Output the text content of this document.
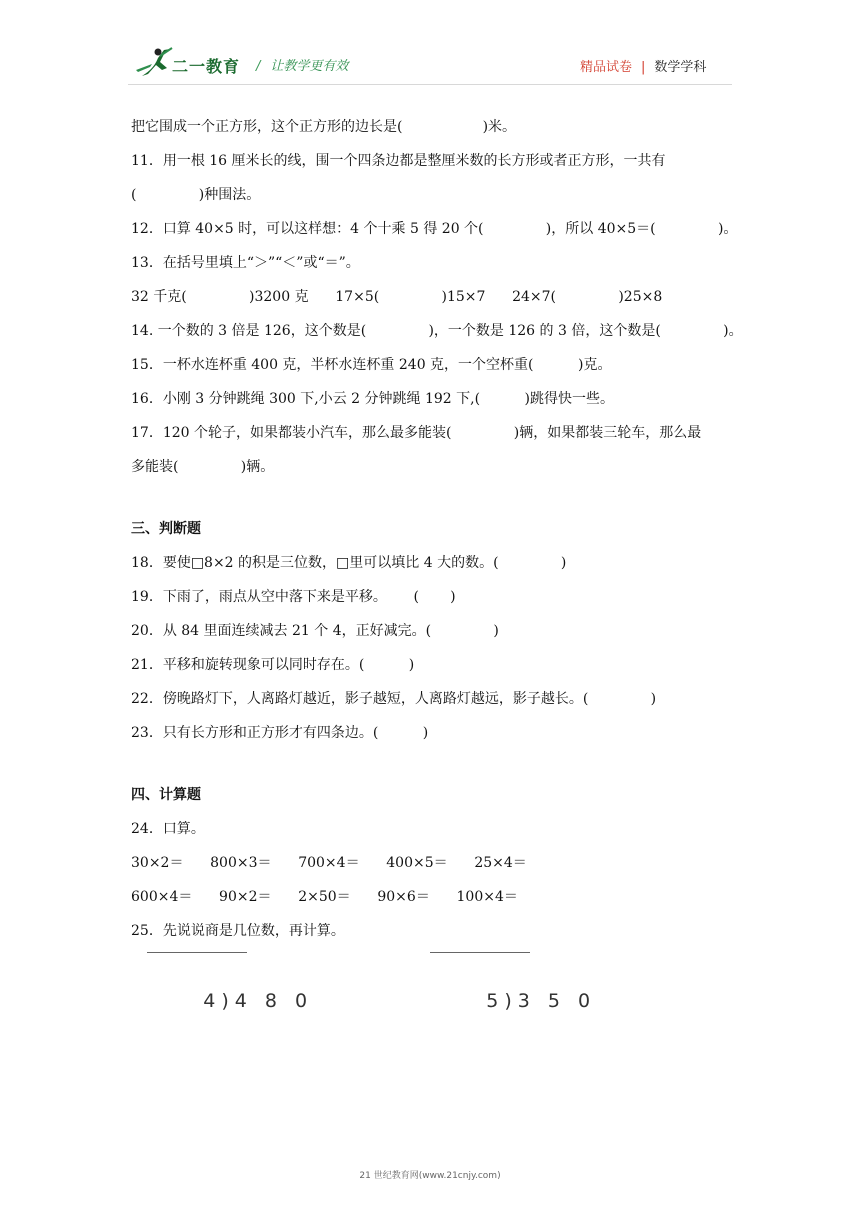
二一教育 / 让教学更有效	精品试卷 | 数学学科
把它围成一个正方形，这个正方形的边长是(                  )米。
11．用一根 16 厘米长的线，围一个四条边都是整厘米数的长方形或者正方形，一共有
(              )种围法。
12．口算 40×5 时，可以这样想：4 个十乘 5 得 20 个(              )，所以 40×5＝(              )。
13．在括号里填上“＞”“＜”或“＝”。
32 千克(              )3200 克      17×5(              )15×7      24×7(              )25×8
14. 一个数的 3 倍是 126，这个数是(              )，一个数是 126 的 3 倍，这个数是(              )。
15．一杯水连杯重 400 克，半杯水连杯重 240 克，一个空杯重(          )克。
16．小刚 3 分钟跳绳 300 下,小云 2 分钟跳绳 192 下,(          )跳得快一些。
17．120 个轮子，如果都装小汽车，那么最多能装(              )辆，如果都装三轮车，那么最
多能装(              )辆。
三、判断题
18．要使□8×2 的积是三位数，□里可以填比 4 大的数。(              )
19．下雨了，雨点从空中落下来是平移。      (       )
20．从 84 里面连续减去 21 个 4，正好减完。(              )
21．平移和旋转现象可以同时存在。(          )
22．傍晚路灯下，人离路灯越近，影子越短，人离路灯越远，影子越长。(              )
23．只有长方形和正方形才有四条边。(          )
四、计算题
24．口算。
30×2＝      800×3＝      700×4＝      400×5＝      25×4＝
600×4＝      90×2＝      2×50＝      90×6＝      100×4＝
25．先说说商是几位数，再计算。

4)4 8 0

	5)3 5 0

21 世纪教育网(www.21cnjy.com)
